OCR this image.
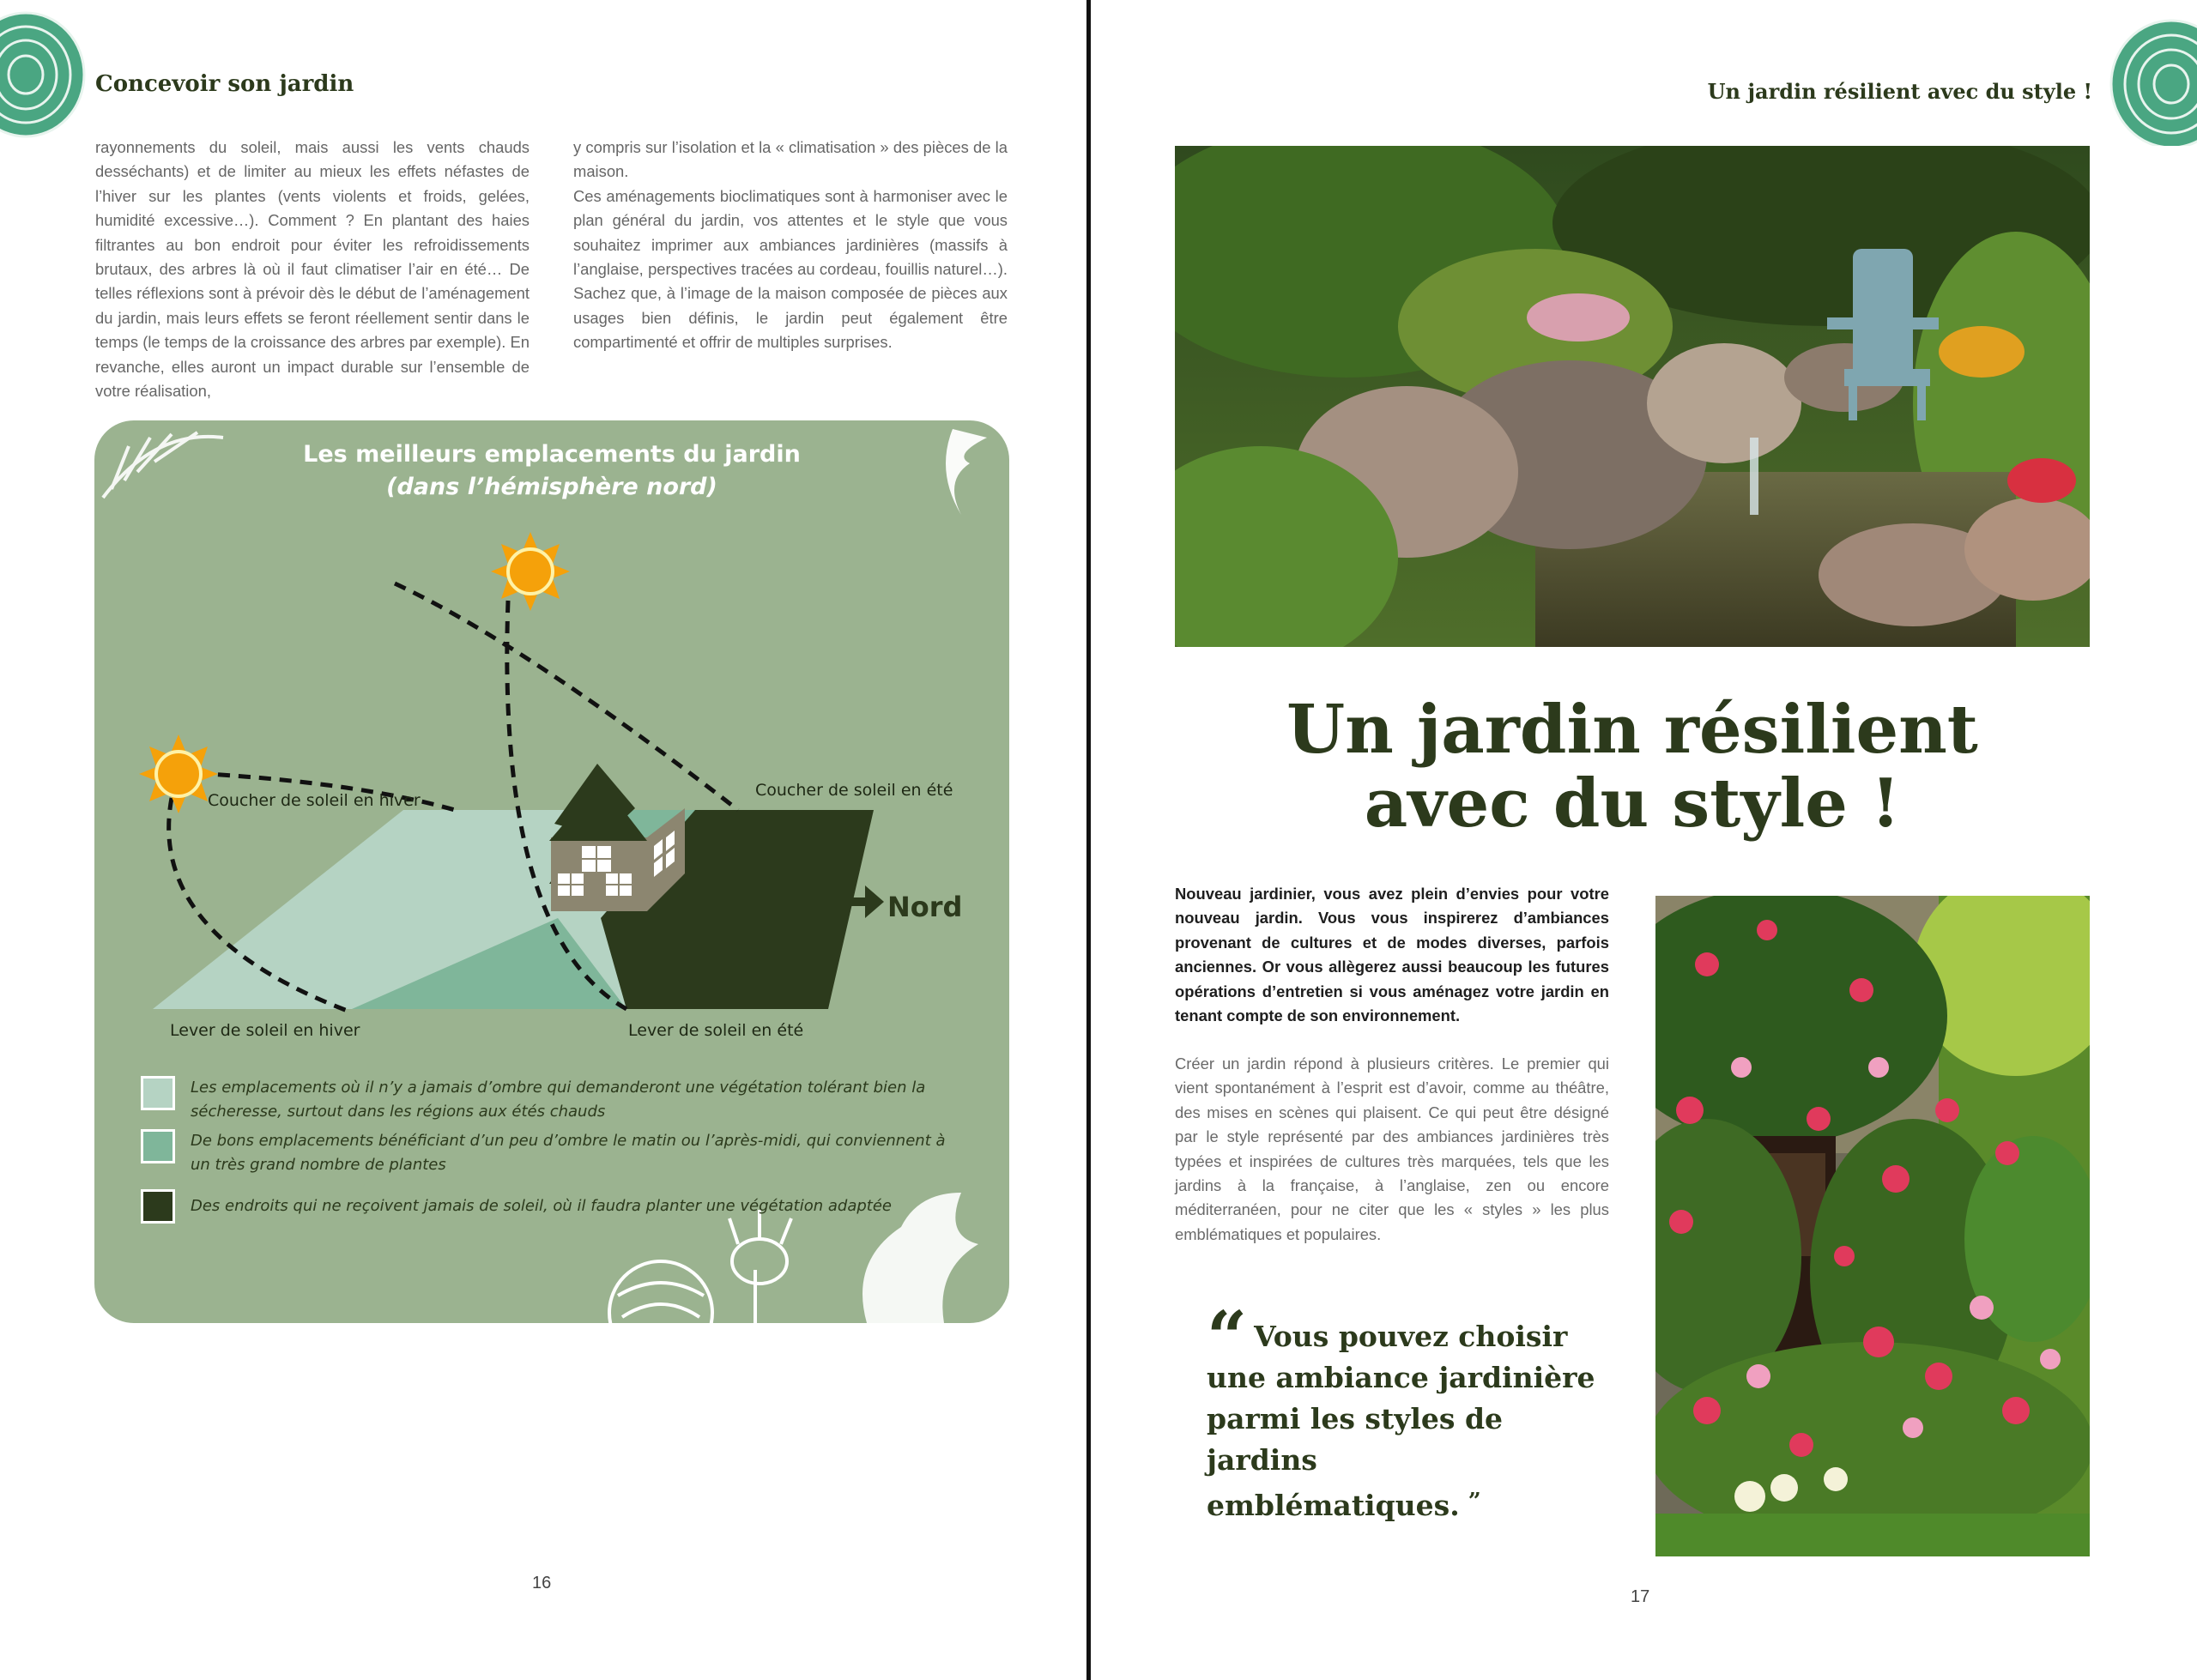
Concevoir son jardin

rayonnements du soleil, mais aussi les vents chauds desséchants) et de limiter au mieux les effets néfastes de l’hiver sur les plantes (vents violents et froids, gelées, humidité excessive…). Comment ? En plantant des haies filtrantes au bon endroit pour éviter les refroidissements brutaux, des arbres là où il faut climatiser l’air en été… De telles réflexions sont à prévoir dès le début de l’aménagement du jardin, mais leurs effets se feront réellement sentir dans le temps (le temps de la croissance des arbres par exemple). En revanche, elles auront un impact durable sur l’ensemble de votre réalisation,

y compris sur l’isolation et la « climatisation » des pièces de la maison.

Ces aménagements bioclimatiques sont à harmoniser avec le plan général du jardin, vos attentes et le style que vous souhaitez imprimer aux ambiances jardinières (massifs à l’anglaise, perspectives tracées au cordeau, fouillis naturel…). Sachez que, à l’image de la maison composée de pièces aux usages bien définis, le jardin peut également être compartimenté et offrir de multiples surprises.

Les meilleurs emplacements du jardin
(dans l’hémisphère nord)
Coucher de soleil en hiver
Coucher de soleil en été
Lever de soleil en hiver	Lever de soleil en été
Nord
Les emplacements où il n’y a jamais d’ombre qui demanderont une végétation tolérant bien la sécheresse, surtout dans les régions aux étés chauds
De bons emplacements bénéficiant d’un peu d’ombre le matin ou l’après-midi, qui conviennent à un très grand nombre de plantes
Des endroits qui ne reçoivent jamais de soleil, où il faudra planter une végétation adaptée
16
Un jardin résilient avec du style !
Un jardin résilient
avec du style !
Nouveau jardinier, vous avez plein d’envies pour votre nouveau jardin. Vous vous inspirerez d’ambiances provenant de cultures et de modes diverses, parfois anciennes. Or vous allègerez aussi beaucoup les futures opérations d’entretien si vous aménagez votre jardin en tenant compte de son environnement.
Créer un jardin répond à plusieurs critères. Le premier qui vient spontanément à l’esprit est d’avoir, comme au théâtre, des mises en scènes qui plaisent. Ce qui peut être désigné par le style représenté par des ambiances jardinières très typées et inspirées de cultures très marquées, tels que les jardins à la française, à l’anglaise, zen ou encore méditerranéen, pour ne citer que les « styles » les plus emblématiques et populaires.
“ Vous pouvez choisir une ambiance jardinière parmi les styles de jardins emblématiques. ”
17
